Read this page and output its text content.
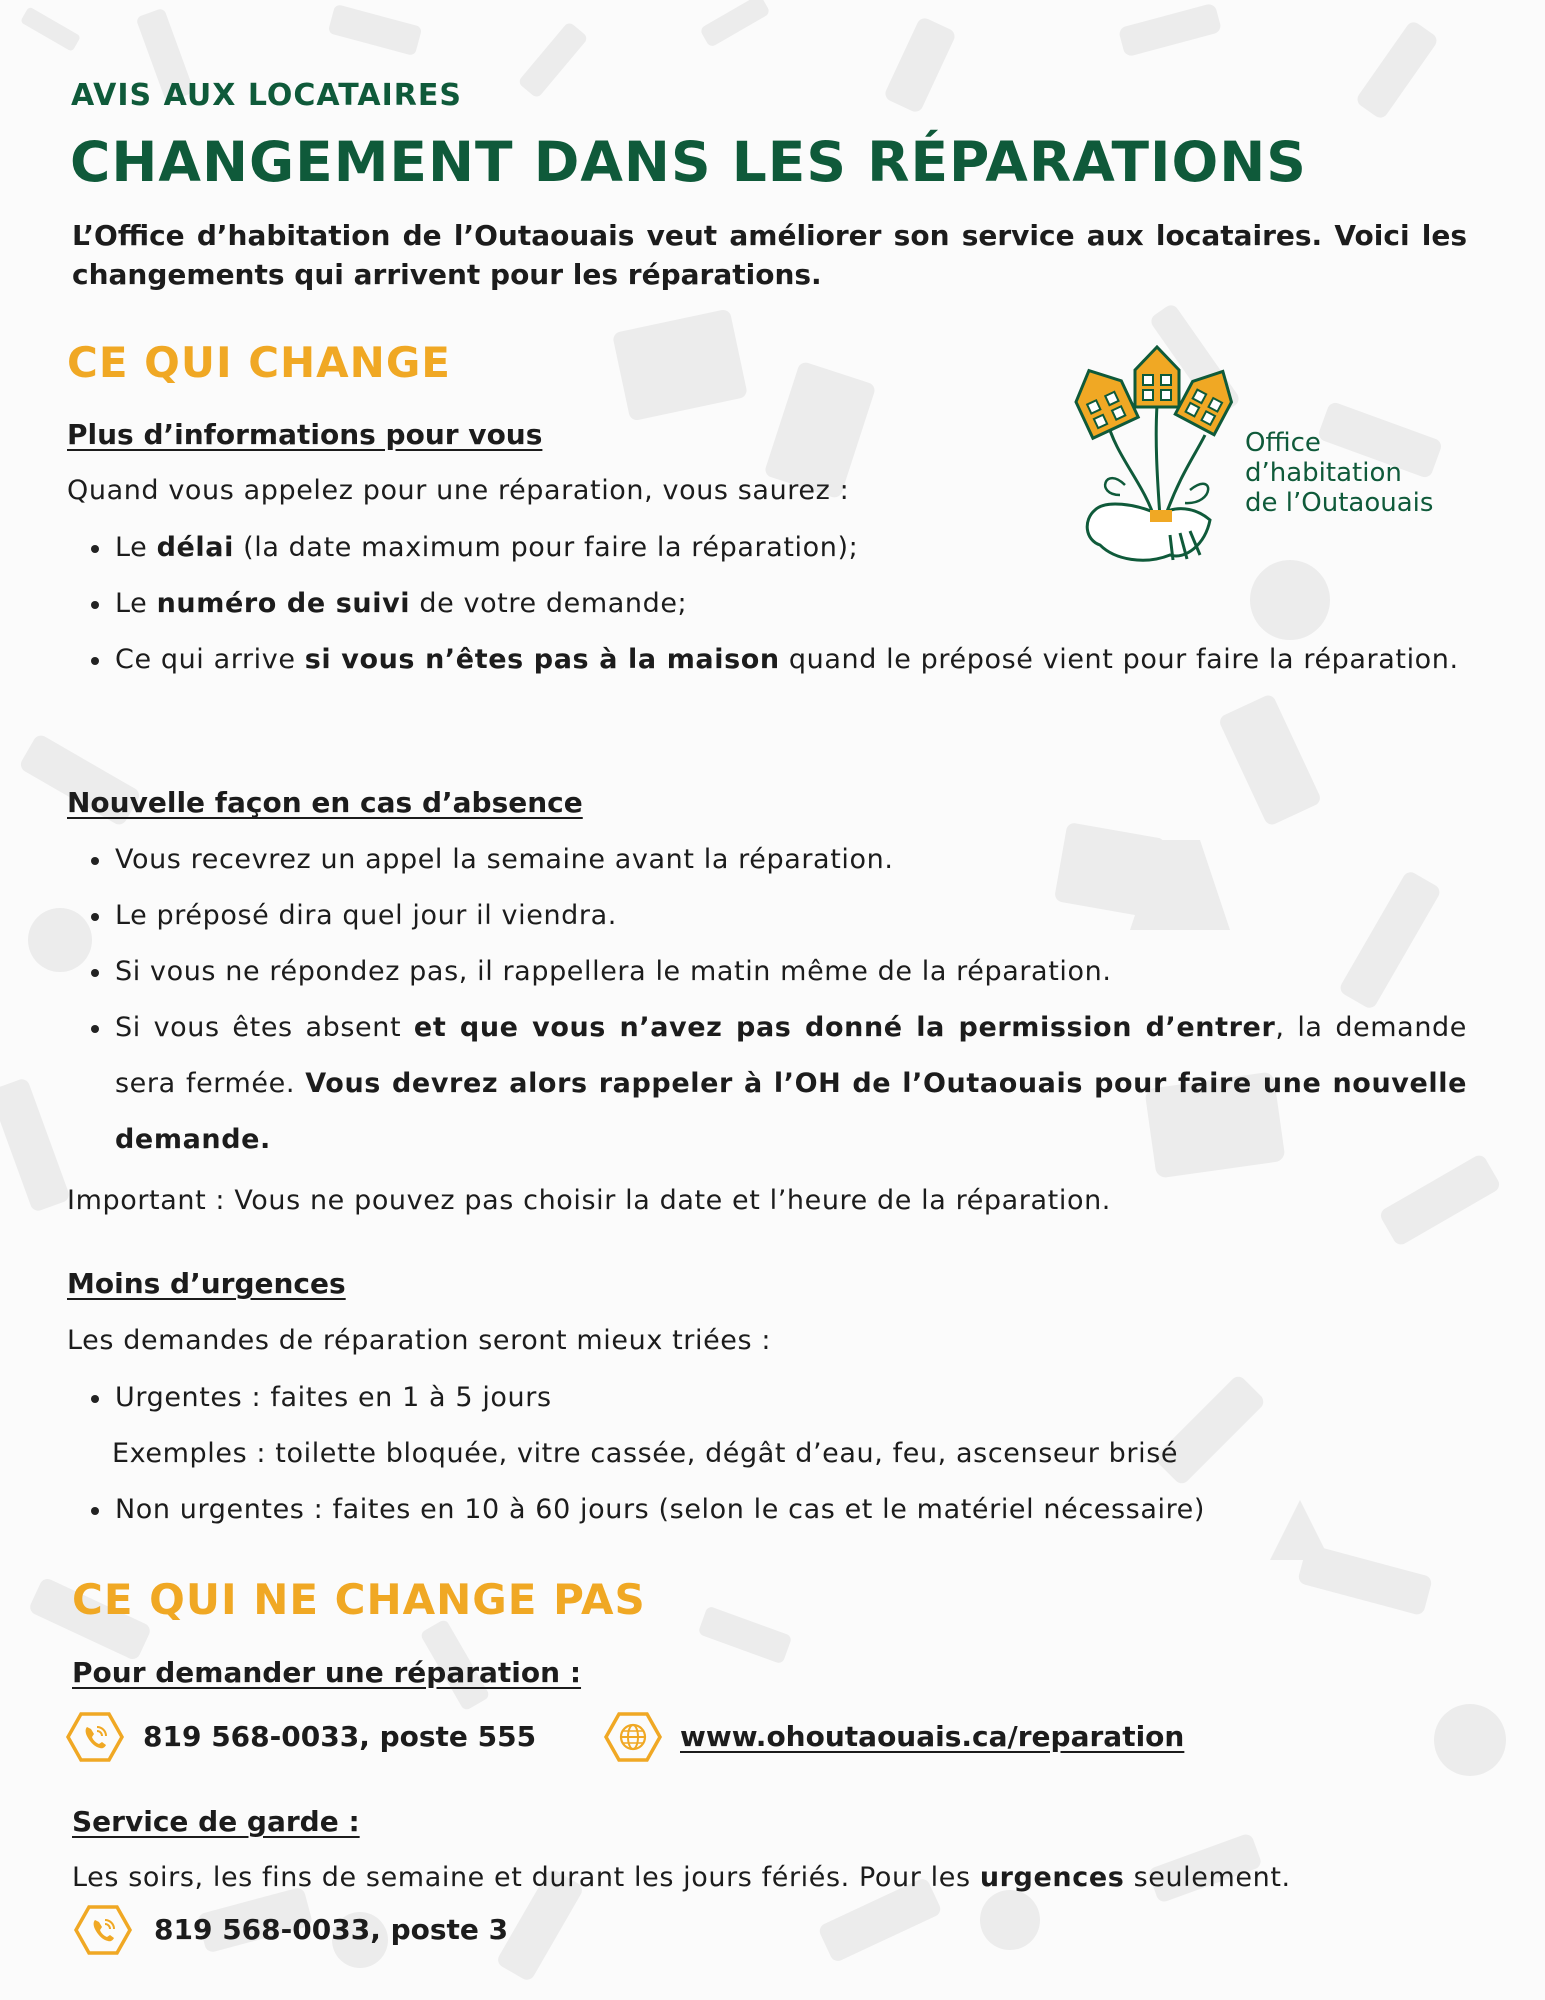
AVIS AUX LOCATAIRES
CHANGEMENT DANS LES RÉPARATIONS

L’Office d’habitation de l’Outaouais veut améliorer son service aux locataires. Voici les changements qui arrivent pour les réparations.

Office
d’habitation
de l’Outaouais
CE QUI CHANGE
Plus d’informations pour vous
Quand vous appelez pour une réparation, vous saurez :
Le délai (la date maximum pour faire la réparation);
Le numéro de suivi de votre demande;
Ce qui arrive si vous n’êtes pas à la maison quand le préposé vient pour faire la réparation.
Nouvelle façon en cas d’absence
Vous recevrez un appel la semaine avant la réparation.
Le préposé dira quel jour il viendra.
Si vous ne répondez pas, il rappellera le matin même de la réparation.
Si vous êtes absent et que vous n’avez pas donné la permission d’entrer, la demande sera fermée. Vous devrez alors rappeler à l’OH de l’Outaouais pour faire une nouvelle demande.
Important : Vous ne pouvez pas choisir la date et l’heure de la réparation.
Moins d’urgences
Les demandes de réparation seront mieux triées :
Urgentes : faites en 1 à 5 jours
Exemples : toilette bloquée, vitre cassée, dégât d’eau, feu, ascenseur brisé
Non urgentes : faites en 10 à 60 jours (selon le cas et le matériel nécessaire)
CE QUI NE CHANGE PAS
Pour demander une réparation :
819 568-0033, poste 555	www.ohoutaouais.ca/reparation
Service de garde :
Les soirs, les fins de semaine et durant les jours fériés. Pour les urgences seulement.
819 568-0033, poste 3
